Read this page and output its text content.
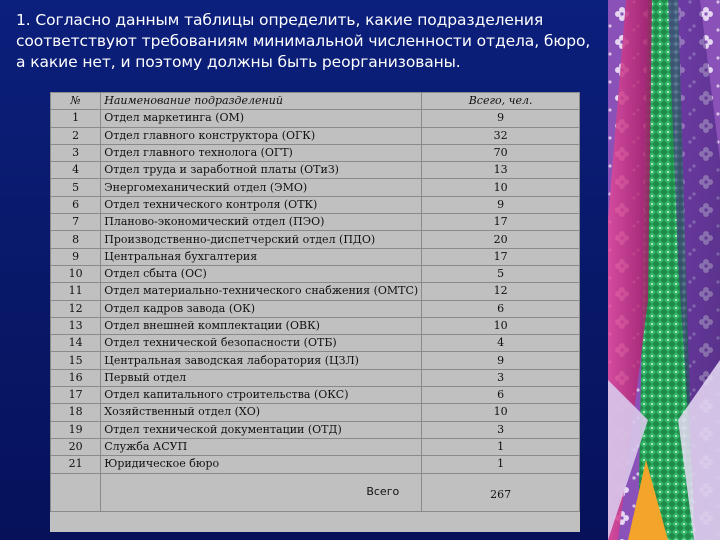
1. Согласно данным таблицы определить, какие подразделения соответствуют требованиям минимальной численности отдела, бюро, а какие нет, и поэтому должны быть реорганизованы.
№	Наименование подразделений	Всего, чел.
1	Отдел маркетинга (ОМ)	9
2	Отдел главного конструктора (ОГК)	32
3	Отдел главного технолога (ОГТ)	70
4	Отдел труда и заработной платы (ОТиЗ)	13
5	Энергомеханический отдел (ЭМО)	10
6	Отдел технического контроля (ОТК)	9
7	Планово-экономический отдел (ПЭО)	17
8	Производственно-диспетчерский отдел (ПДО)	20
9	Центральная бухгалтерия	17
10	Отдел сбыта (ОС)	5
11	Отдел материально-технического снабжения (ОМТС)	12
12	Отдел кадров завода (ОК)	6
13	Отдел внешней комплектации (ОВК)	10
14	Отдел технической безопасности (ОТБ)	4
15	Центральная заводская лаборатория (ЦЗЛ)	9
16	Первый отдел	3
17	Отдел капитального строительства (ОКС)	6
18	Хозяйственный отдел (ХО)	10
19	Отдел технической документации (ОТД)	3
20	Служба АСУП	1
21	Юридическое бюро	1
	Всего	267
